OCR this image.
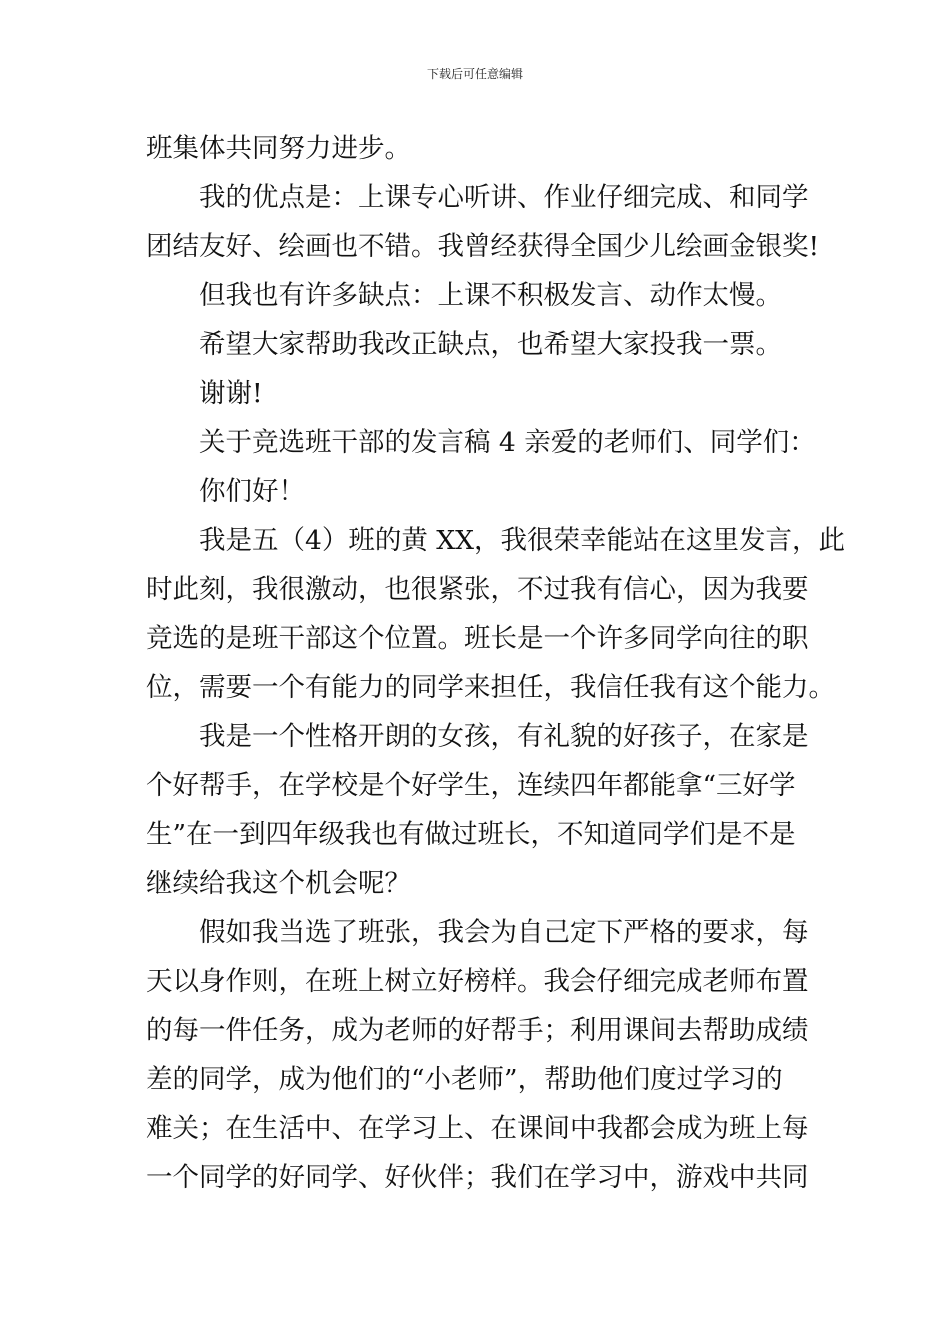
下载后可任意编辑

班集体共同努力进步。

我的优点是：上课专心听讲、作业仔细完成、和同学

团结友好、绘画也不错。我曾经获得全国少儿绘画金银奖!

但我也有许多缺点：上课不积极发言、动作太慢。

希望大家帮助我改正缺点，也希望大家投我一票。

谢谢!

关于竞选班干部的发言稿 4 亲爱的老师们、同学们：

你们好！

我是五（4）班的黄 XX，我很荣幸能站在这里发言，此

时此刻，我很激动，也很紧张，不过我有信心，因为我要

竞选的是班干部这个位置。班长是一个许多同学向往的职

位，需要一个有能力的同学来担任，我信任我有这个能力。

我是一个性格开朗的女孩，有礼貌的好孩子，在家是

个好帮手，在学校是个好学生，连续四年都能拿“三好学

生”在一到四年级我也有做过班长，不知道同学们是不是

继续给我这个机会呢？

假如我当选了班张，我会为自己定下严格的要求，每

天以身作则，在班上树立好榜样。我会仔细完成老师布置

的每一件任务，成为老师的好帮手；利用课间去帮助成绩

差的同学，成为他们的“小老师”，帮助他们度过学习的

难关；在生活中、在学习上、在课间中我都会成为班上每

一个同学的好同学、好伙伴；我们在学习中，游戏中共同
